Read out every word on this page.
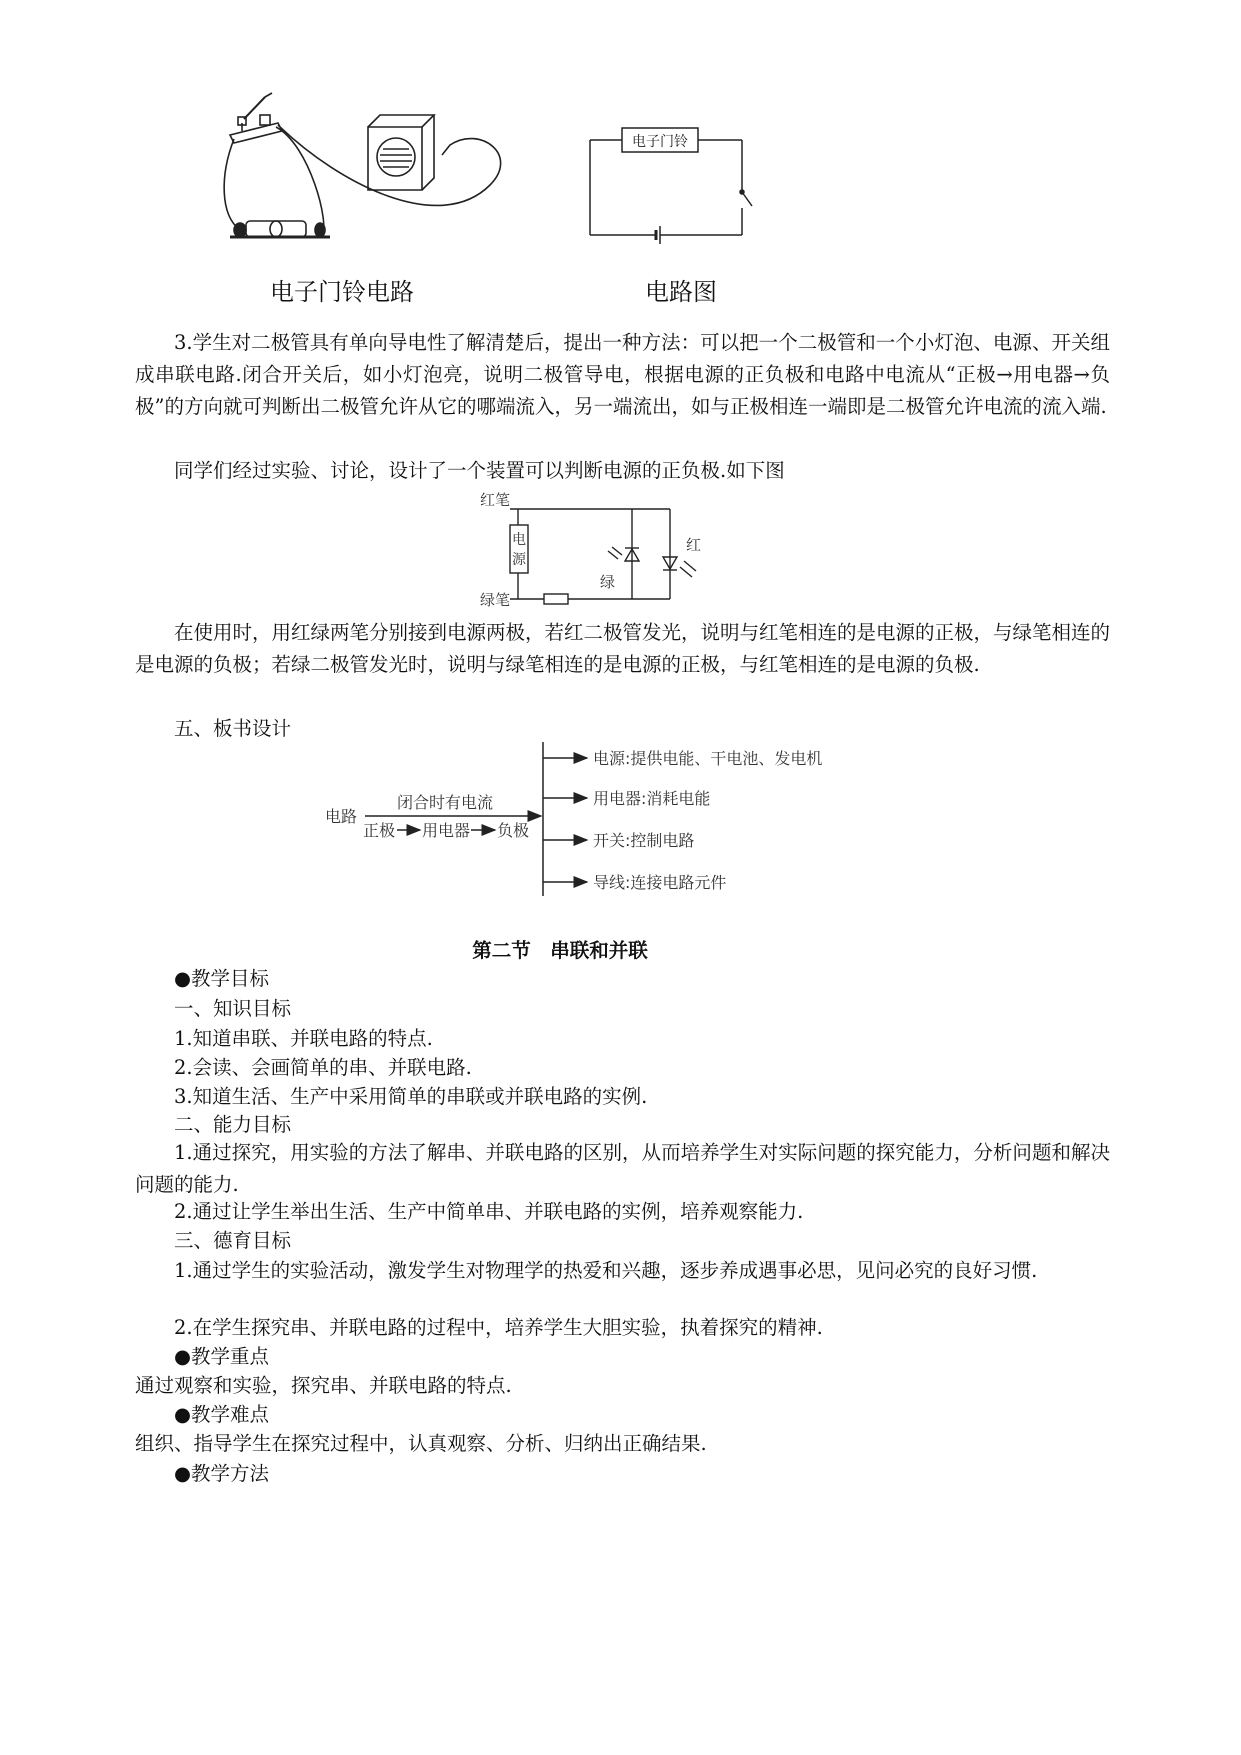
电子门铃电路
电子门铃
电路图
3.学生对二极管具有单向导电性了解清楚后，提出一种方法：可以把一个二极管和一个小灯泡、电源、开关组成串联电路.闭合开关后，如小灯泡亮，说明二极管导电，根据电源的正负极和电路中电流从“正极→用电器→负极”的方向就可判断出二极管允许从它的哪端流入，另一端流出，如与正极相连一端即是二极管允许电流的流入端.
同学们经过实验、讨论，设计了一个装置可以判断电源的正负极.如下图
红笔
绿笔
电
源
绿
红
在使用时，用红绿两笔分别接到电源两极，若红二极管发光，说明与红笔相连的是电源的正极，与绿笔相连的是电源的负极；若绿二极管发光时，说明与绿笔相连的是电源的正极，与红笔相连的是电源的负极.
五、板书设计
电路
闭合时有电流
正极 用电器 负极
电源:提供电能、干电池、发电机
用电器:消耗电能
开关:控制电路
导线:连接电路元件
第二节　串联和并联
●教学目标
一、知识目标
1.知道串联、并联电路的特点.
2.会读、会画简单的串、并联电路.
3.知道生活、生产中采用简单的串联或并联电路的实例.
二、能力目标
1.通过探究，用实验的方法了解串、并联电路的区别，从而培养学生对实际问题的探究能力，分析问题和解决问题的能力.
2.通过让学生举出生活、生产中简单串、并联电路的实例，培养观察能力.
三、德育目标
1.通过学生的实验活动，激发学生对物理学的热爱和兴趣，逐步养成遇事必思，见问必究的良好习惯.
2.在学生探究串、并联电路的过程中，培养学生大胆实验，执着探究的精神.
●教学重点
通过观察和实验，探究串、并联电路的特点.
●教学难点
组织、指导学生在探究过程中，认真观察、分析、归纳出正确结果.
●教学方法
